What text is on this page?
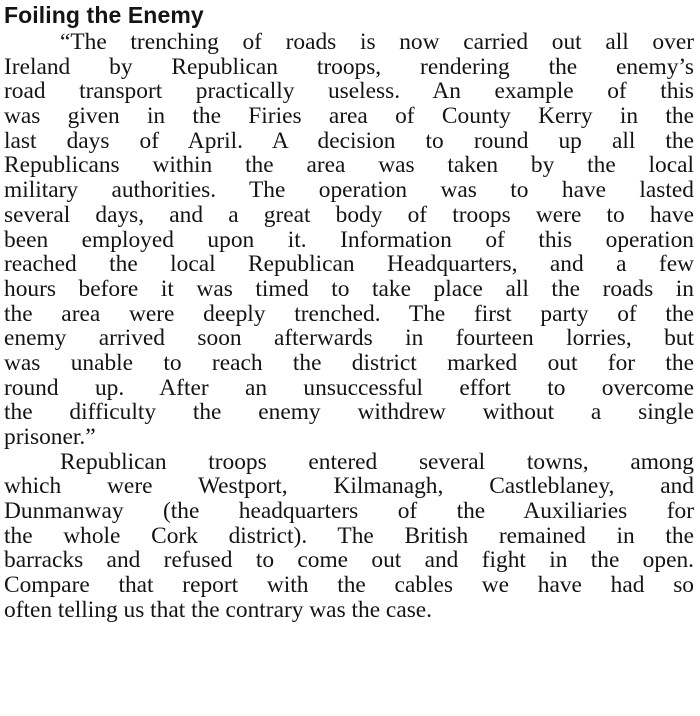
Foiling the Enemy
“The trenching of roads is now carried out all over
Ireland by Republican troops, rendering the enemy’s
road transport practically useless. An example of this
was given in the Firies area of County Kerry in the
last days of April. A decision to round up all the
Republicans within the area was taken by the local
military authorities. The operation was to have lasted
several days, and a great body of troops were to have
been employed upon it. Information of this operation
reached the local Republican Headquarters, and a few
hours before it was timed to take place all the roads in
the area were deeply trenched. The first party of the
enemy arrived soon afterwards in fourteen lorries, but
was unable to reach the district marked out for the
round up. After an unsuccessful effort to overcome
the difficulty the enemy withdrew without a single
prisoner.”
Republican troops entered several towns, among
which were Westport, Kilmanagh, Castleblaney, and
Dunmanway (the headquarters of the Auxiliaries for
the whole Cork district). The British remained in the
barracks and refused to come out and fight in the open.
Compare that report with the cables we have had so
often telling us that the contrary was the case.
